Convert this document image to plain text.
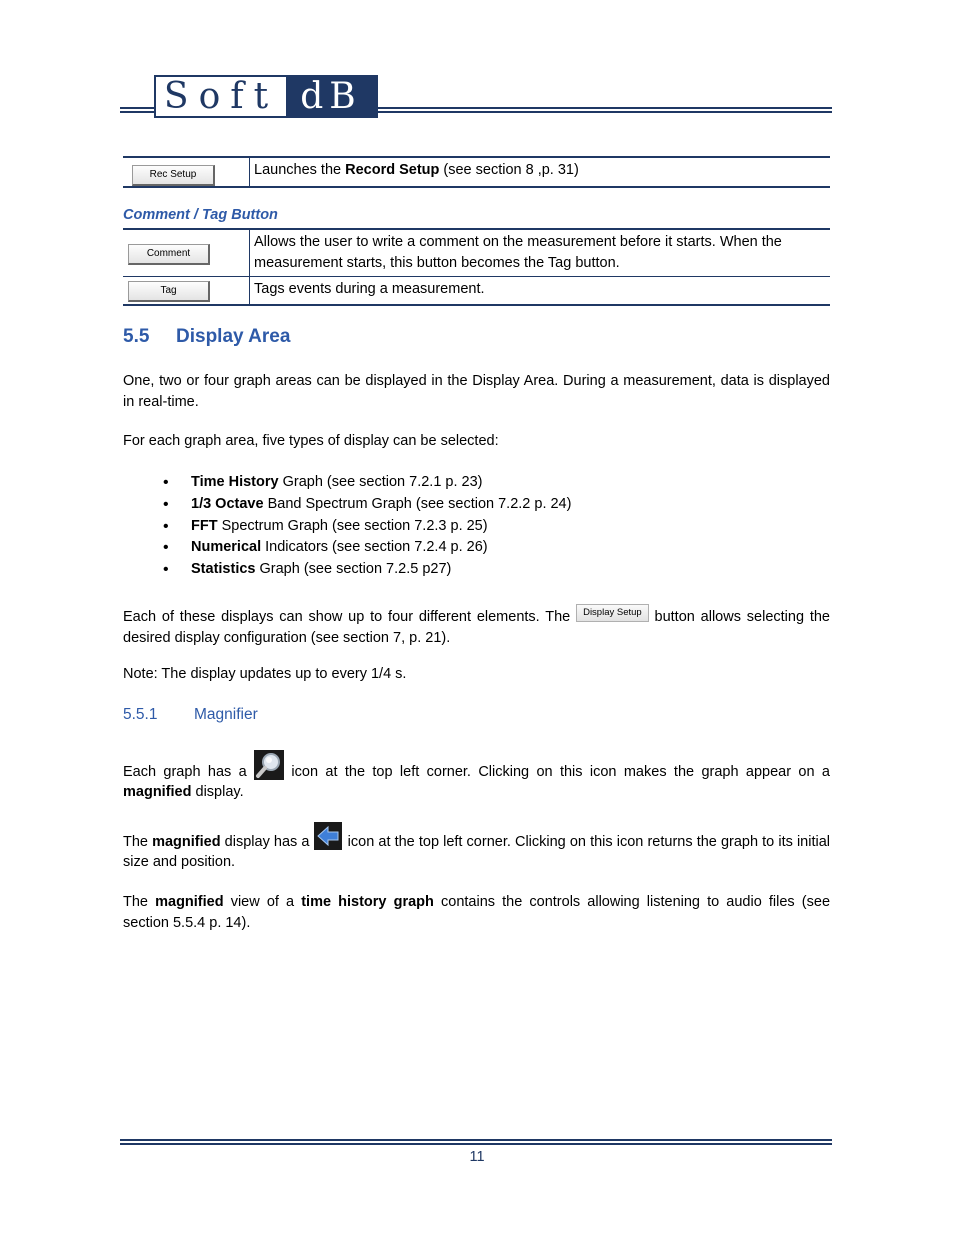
Soft dB
Rec Setup	Launches the Record Setup (see section 8 ,p. 31)
Comment / Tag Button
Comment	Allows the user to write a comment on the measurement before it starts. When the measurement starts, this button becomes the Tag button.
Tag	Tags events during a measurement.
5.5 Display Area

One, two or four graph areas can be displayed in the Display Area. During a measurement, data is displayed in real-time.

For each graph area, five types of display can be selected:

• Time History Graph (see section 7.2.1 p. 23)
• 1/3 Octave Band Spectrum Graph (see section 7.2.2 p. 24)
• FFT Spectrum Graph (see section 7.2.3 p. 25)
• Numerical Indicators (see section 7.2.4 p. 26)
• Statistics Graph (see section 7.2.5 p27)

Each of these displays can show up to four different elements. The Display Setup button allows selecting the desired display configuration (see section 7, p. 21).

Note: The display updates up to every 1/4 s.

5.5.1 Magnifier

Each graph has a  icon at the top left corner. Clicking on this icon makes the graph appear on a magnified display.

The magnified display has a  icon at the top left corner. Clicking on this icon returns the graph to its initial size and position.

The magnified view of a time history graph contains the controls allowing listening to audio files (see section 5.5.4 p. 14).

11
